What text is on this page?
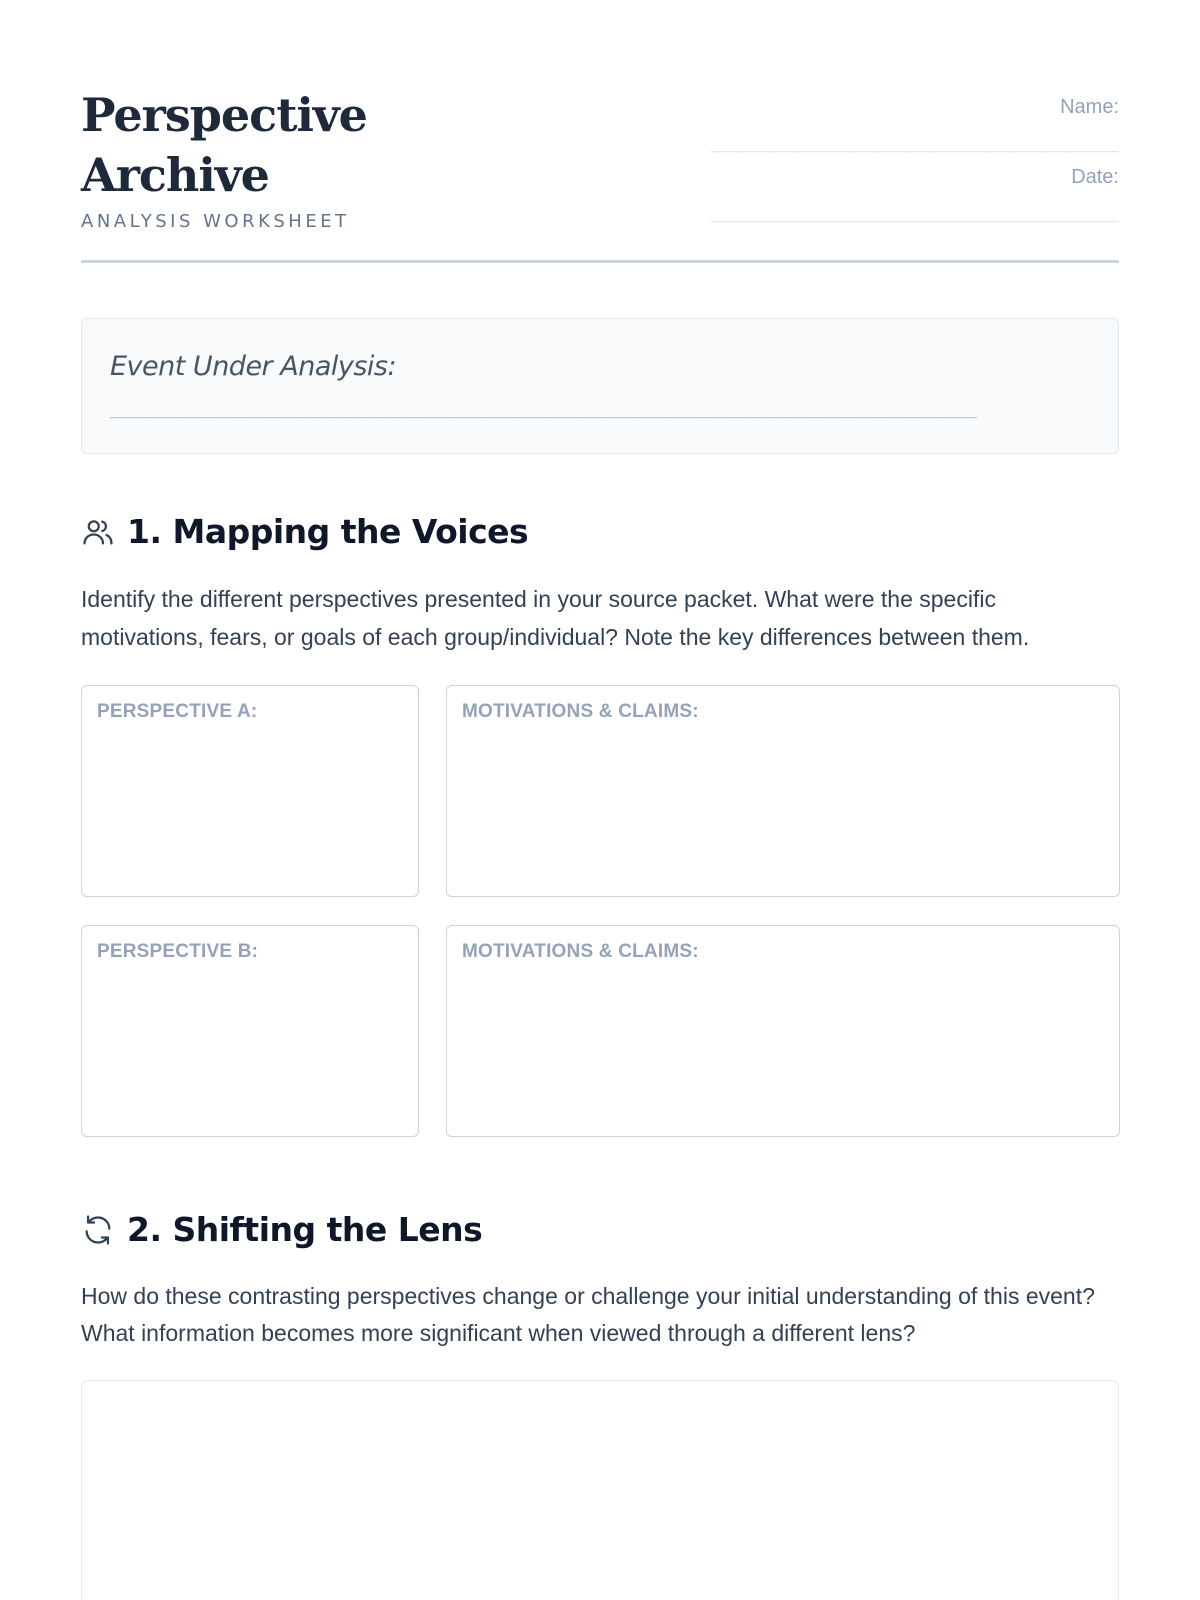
Perspective
Archive
ANALYSIS WORKSHEET
Name:
____________________________________
Date:
____________________________________
Event Under Analysis:
________________________________________________________________________________
1. Mapping the Voices
Identify the different perspectives presented in your source packet. What were the specific motivations, fears, or goals of each group/individual? Note the key differences between them.
PERSPECTIVE A:	MOTIVATIONS & CLAIMS:
PERSPECTIVE B:	MOTIVATIONS & CLAIMS:
2. Shifting the Lens
How do these contrasting perspectives change or challenge your initial understanding of this event? What information becomes more significant when viewed through a different lens?
